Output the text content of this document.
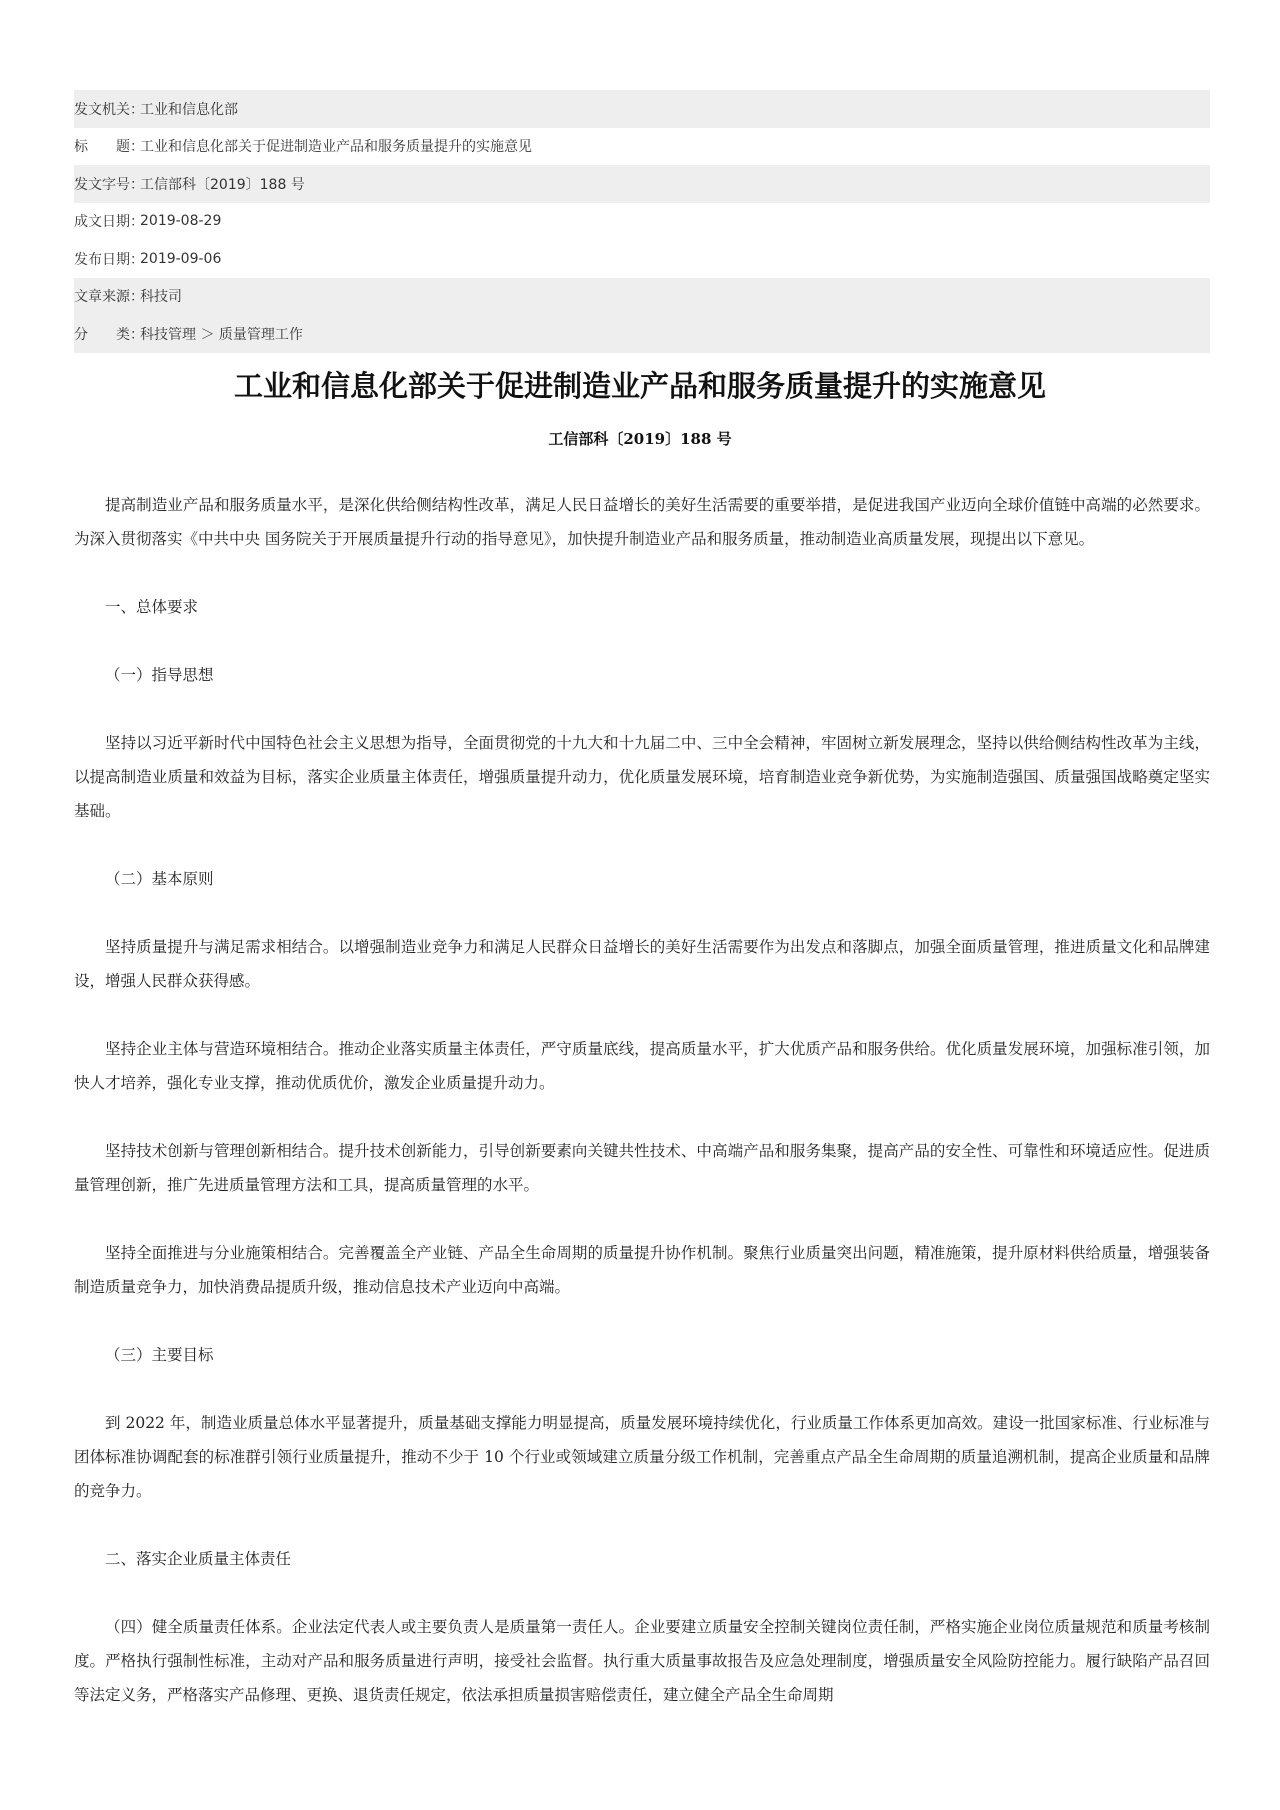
发文机关：
工业和信息化部
标　　题：
工业和信息化部关于促进制造业产品和服务质量提升的实施意见
发文字号：
工信部科〔2019〕188 号
成文日期：
2019-08-29
发布日期：
2019-09-06
文章来源：
科技司
分　　类：
科技管理 ＞ 质量管理工作
工业和信息化部关于促进制造业产品和服务质量提升的实施意见
工信部科〔2019〕188 号

提高制造业产品和服务质量水平，是深化供给侧结构性改革，满足人民日益增长的美好生活需要的重要举措，是促进我国产业迈向全球价值链中高端的必然要求。为深入贯彻落实《中共中央 国务院关于开展质量提升行动的指导意见》，加快提升制造业产品和服务质量，推动制造业高质量发展，现提出以下意见。

一、总体要求

（一）指导思想

坚持以习近平新时代中国特色社会主义思想为指导，全面贯彻党的十九大和十九届二中、三中全会精神，牢固树立新发展理念，坚持以供给侧结构性改革为主线，以提高制造业质量和效益为目标，落实企业质量主体责任，增强质量提升动力，优化质量发展环境，培育制造业竞争新优势，为实施制造强国、质量强国战略奠定坚实基础。

（二）基本原则

坚持质量提升与满足需求相结合。以增强制造业竞争力和满足人民群众日益增长的美好生活需要作为出发点和落脚点，加强全面质量管理，推进质量文化和品牌建设，增强人民群众获得感。

坚持企业主体与营造环境相结合。推动企业落实质量主体责任，严守质量底线，提高质量水平，扩大优质产品和服务供给。优化质量发展环境，加强标准引领，加快人才培养，强化专业支撑，推动优质优价，激发企业质量提升动力。

坚持技术创新与管理创新相结合。提升技术创新能力，引导创新要素向关键共性技术、中高端产品和服务集聚，提高产品的安全性、可靠性和环境适应性。促进质量管理创新，推广先进质量管理方法和工具，提高质量管理的水平。

坚持全面推进与分业施策相结合。完善覆盖全产业链、产品全生命周期的质量提升协作机制。聚焦行业质量突出问题，精准施策，提升原材料供给质量，增强装备制造质量竞争力，加快消费品提质升级，推动信息技术产业迈向中高端。

（三）主要目标

到 2022 年，制造业质量总体水平显著提升，质量基础支撑能力明显提高，质量发展环境持续优化，行业质量工作体系更加高效。建设一批国家标准、行业标准与团体标准协调配套的标准群引领行业质量提升，推动不少于 10 个行业或领域建立质量分级工作机制，完善重点产品全生命周期的质量追溯机制，提高企业质量和品牌的竞争力。

二、落实企业质量主体责任

（四）健全质量责任体系。企业法定代表人或主要负责人是质量第一责任人。企业要建立质量安全控制关键岗位责任制，严格实施企业岗位质量规范和质量考核制度。严格执行强制性标准，主动对产品和服务质量进行声明，接受社会监督。执行重大质量事故报告及应急处理制度，增强质量安全风险防控能力。履行缺陷产品召回等法定义务，严格落实产品修理、更换、退货责任规定，依法承担质量损害赔偿责任，建立健全产品全生命周期
